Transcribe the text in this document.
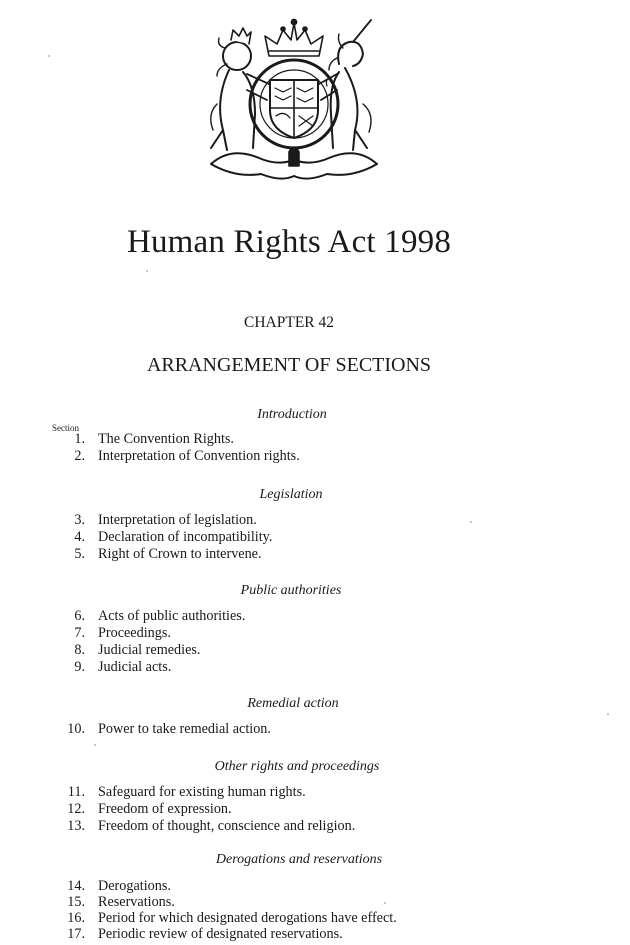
Human Rights Act 1998
CHAPTER 42
ARRANGEMENT OF SECTIONS
Section
Introduction
1. The Convention Rights.
2. Interpretation of Convention rights.
Legislation
3. Interpretation of legislation.
4. Declaration of incompatibility.
5. Right of Crown to intervene.
Public authorities
6. Acts of public authorities.
7. Proceedings.
8. Judicial remedies.
9. Judicial acts.
Remedial action
10. Power to take remedial action.
Other rights and proceedings
11. Safeguard for existing human rights.
12. Freedom of expression.
13. Freedom of thought, conscience and religion.
Derogations and reservations
14. Derogations.
15. Reservations.
16. Period for which designated derogations have effect.
17. Periodic review of designated reservations.
